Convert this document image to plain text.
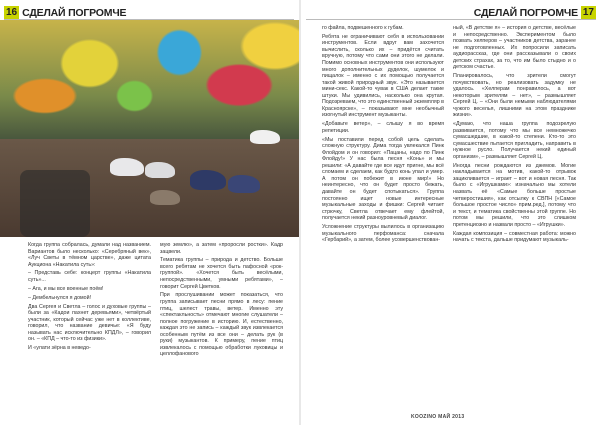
16 СДЕЛАЙ ПОГРОМЧЕ	17
СДЕЛАЙ ПОГРОМЧЕ

Когда группа собралась, думали над названием. Вариантов было несколько: «Серебряный век», «Луч Светы в тёмном царстве», даже цитата Аукциона «Накатила суть»:

– Представь себе: концерт группы «Накатила суть»...

– Ага, и мы все военные поём!

– Дембельнулся я домой!

Два Сергея и Светла – голос и духовые группы – были за «Кадои пахнет деревьями», четвёртый участник, который сейчас уже нет в коллективе, говорил, что название девичье: «Я буду называть нас исключительно КПДЛ», – говорил он. – «КПД – что-то из физики».

И «улати зёрна в неведо-

мую землю», а затем «проросли ростки». Кадр зацвели.

Тематика группы – природа и детство. Больше всего ребятам не хочется быть пафосной «рок-группой». «Хочется быть весёлыми, непосредственными, умными ребятами», – говорит Сергей Цветков.

При прослушивании может показаться, что группа записывает песни прямо в лесу: пение птиц, шелест травы, ветер. Именно эту «спектакльность» отмечают многие слушатели – полное погружение в историю. И, естественно, каждая это не запись – каждый звук извлекается особенным путём из все они – делать рук (в руки) музыкантов. К примеру, пение птиц извлекалось с помощью обработки луковицы и целлофанового

го файла, подвешенного к губам.

Ребята не ограничивают себя в использовании инструментов. Если вдруг вам захочется вычислить, сколько их – придётся считать вручную, потому что сами они этого не делали. Помимо основных инструментов они используют много дополнительных дуделок, шумелок и пищалок – именно с их помощью получается такой живой природный звук. «Это называется мини-секс. Какой-то чувак в США делает такие штуки. Мы удивились, насколько она крутая. Подозреваем, что это единственный экземпляр в Красноярске», – показывают мне необычный изогнутый инструмент музыканты.

«Добавьте ветер», – слышу я во время репетиции.

«Мы поставили перед собой цель сделать сложную структуру. Дима тогда увлекался Пинк Флойдом и он говорил: «Пацаны, надо по Пинк Флойду!» У нас была песня «Конь» и мы решили: «А давайте где все идут пригне, мы всё сломаем и сделаем, как будто конь упал и умер. А потом он побежит в июне мир!» Но неинтересно, что он будет просто бежать, давайте он будет спотыкаться». Группа постоянно ищет новые интересные музыкальные заходы и фишки: Сергей читает стрючку, Светла отвечает ему флейтой, получается некий разноуровневый диалог.

Усложнение структуры вылилось в организацию музыкального перфоманса: сначала «Гербарий», а затем, более усовершенствован-

ный, «В детстве я» – история о детстве, весёлые и непосредственно. Экспериментом было позвать хелперов – участников детства, заранее не подготовленных. Их попросили записать аудиорассказ, где они рассказывали о своих детских страхах, за то, что им было стыдно и о детском счастье.

Планировалось, что зрители смогут почувствовать, но реализовать задумку не удалось. «Хелперам понравилось, а вот некоторым зрителям – нет», – размышляет Сергей Ц. – «Они были немыми наблюдателями чужого веселья, лишними на этом празднике жизни».

«Думаю, что наша группа подозрелую развивается, потому что мы все немножечко сумасшедшие, в какой-то степени. Кто-то это сумасшествие пытается пригладить, направить в нужное русло. Получается некий единый организм», – размышляет Сергей Ц.

Иногда песни рождаются из джемов. Могие накладывается на мотив, какой-то отрывок зацикливается – играет – вот и новая песня. Так было с «Игрушками»: изначально мы хотели назвать её «Самые больше простые четверостишия», как отсылку к СВПН [«Самое большое простое число» прим.ред.], потому что и текст, и тематика свойственны этой группе. Но потом мы решили, что это слишком претенциозно и назвали просто – «Игрушки».

Каждая композиция – совместная работа: можно начать с текста, дальше придумают музыкаль-

KOOZINO МАЙ 2013
